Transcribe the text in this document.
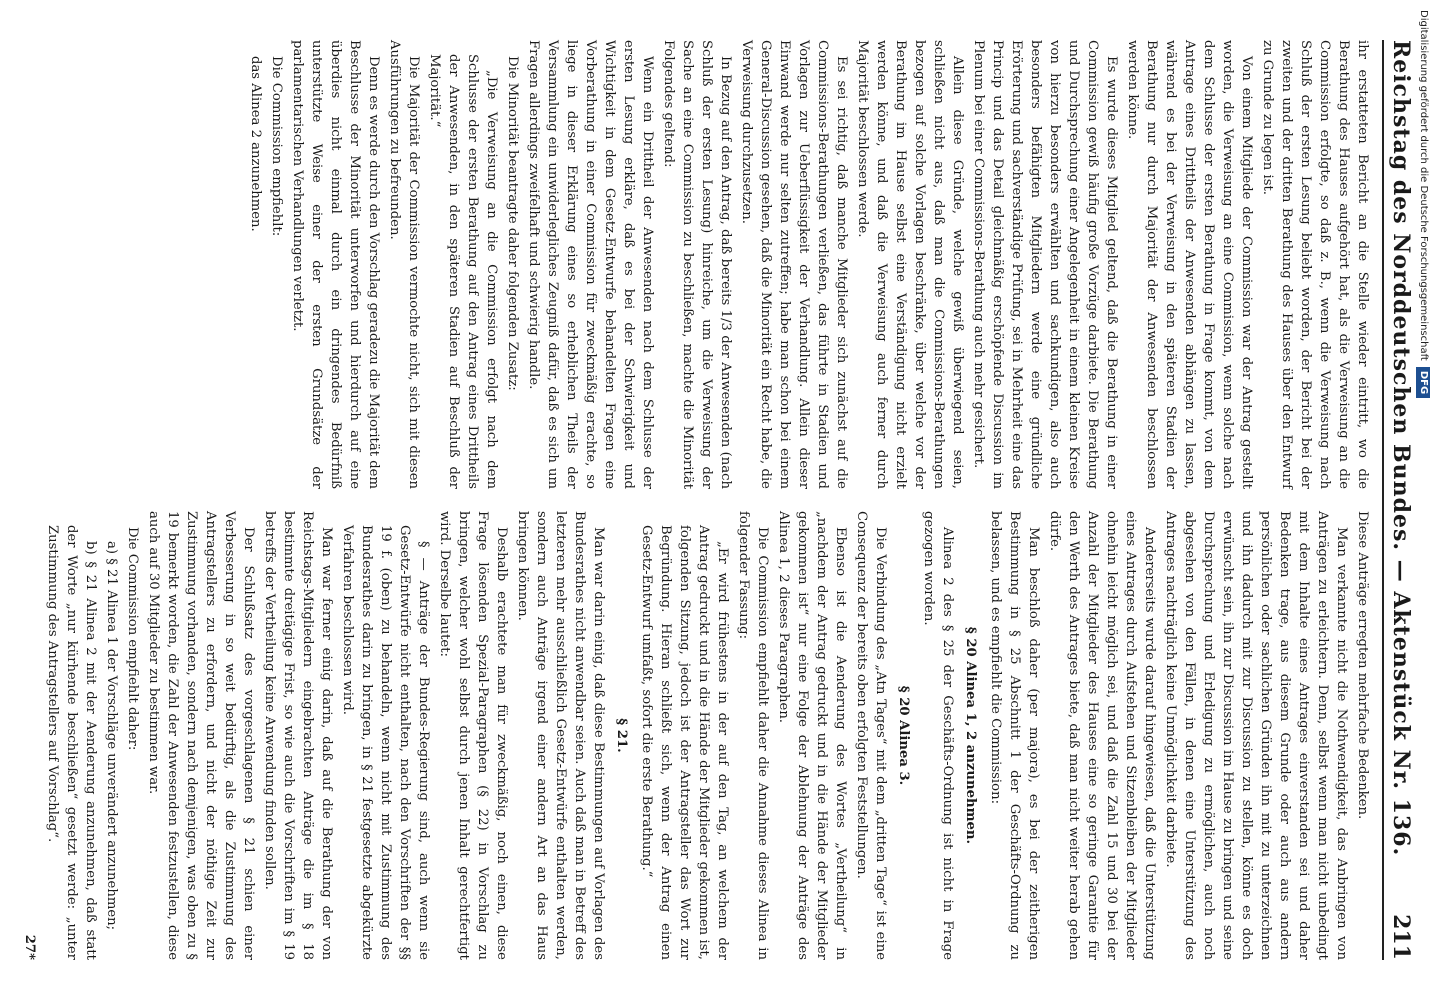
Reichstag des Norddeutschen Bundes. — Aktenstück Nr. 136.
211

ihr erstatteten Bericht an die Stelle wieder eintritt, wo die Berathung des Hauses aufgehört hat, als die Verweisung an die Commission erfolgte, so daß z. B., wenn die Verweisung nach Schluß der ersten Lesung beliebt worden, der Bericht bei der zweiten und der dritten Berathung des Hauses über den Entwurf zu Grunde zu legen ist.

Von einem Mitgliede der Commission war der Antrag gestellt worden, die Verweisung an eine Commission, wenn solche nach dem Schlusse der ersten Berathung in Frage kommt, von dem Antrage eines Drittheils der Anwesenden abhängen zu lassen, während es bei der Verweisung in den späteren Stadien der Berathung nur durch Majorität der Anwesenden beschlossen werden könne.

Es wurde dieses Mitglied geltend, daß die Berathung in einer Commission gewiß häufig große Vorzüge darbiete. Die Berathung und Durchsprechung einer Angelegenheit in einem kleinen Kreise von hierzu besonders erwählten und sachkundigen, also auch besonders befähigten Mitgliedern werde eine gründliche Erörterung und sachverständige Prüfung, sei in Mehrheit eine das Princip und das Detail gleichmäßig erschöpfende Discussion im Plenum bei einer Commissions-Berathung auch mehr gesichert.

Allein diese Gründe, welche gewiß überwiegend seien, schließen nicht aus, daß man die Commissions-Berathungen bezogen auf solche Vorlagen beschränke, über welche vor der Berathung im Hause selbst eine Verständigung nicht erzielt werden könne, und daß die Verweisung auch ferner durch Majorität beschlossen werde.

Es sei richtig, daß manche Mitglieder sich zunächst auf die Commissions-Berathungen verließen, das führte in Stadien und Vorlagen zur Ueberflüssigkeit der Verhandlung. Allein dieser Einwand werde nur selten zutreffen; habe man schon bei einem General-Discussion gesehen, daß die Minorität ein Recht habe, die Verweisung durchzusetzen.

In Bezug auf den Antrag, daß bereits 1/3 der Anwesenden (nach Schluß der ersten Lesung) hinreiche, um die Verweisung der Sache an eine Commission zu beschließen, machte die Minorität Folgendes geltend:

Wenn ein Drittheil der Anwesenden nach dem Schlusse der ersten Lesung erkläre, daß es bei der Schwierigkeit und Wichtigkeit in dem Gesetz-Entwurfe behandelten Fragen eine Vorberathung in einer Commission für zweckmäßig erachte, so liege in dieser Erklärung eines so erheblichen Theils der Versammlung ein unwiderlegliches Zeugniß dafür, daß es sich um Fragen allerdings zweifelhaft und schwierig handle.

Die Minorität beantragte daher folgenden Zusatz:

„Die Verweisung an die Commission erfolgt nach dem Schlusse der ersten Berathung auf den Antrag eines Drittheils der Anwesenden, in den späteren Stadien auf Beschluß der Majorität.“

Die Majorität der Commission vermochte nicht, sich mit diesen Ausführungen zu befreunden.

Denn es werde durch den Vorschlag geradezu die Majorität dem Beschlusse der Minorität unterworfen und hierdurch auf eine überdies nicht einmal durch ein dringendes Bedürfniß unterstützte Weise einer der ersten Grundsätze der parlamentarischen Verhandlungen verletzt.

Die Commission empfiehlt:

das Alinea 2 anzunehmen.

Diese Anträge erregten mehrfache Bedenken.

Man verkannte nicht die Nothwendigkeit, das Anbringen von Anträgen zu erleichtern. Denn, selbst wenn man nicht unbedingt mit dem Inhalte eines Antrages einverstanden sei und daher Bedenken trage, aus diesem Grunde oder auch aus andern persönlichen oder sachlichen Gründen ihn mit zu unterzeichnen und ihn dadurch mit zur Discussion zu stellen, könne es doch erwünscht sein, ihn zur Discussion im Hause zu bringen und seine Durchsprechung und Erledigung zu ermöglichen, auch noch abgesehen von den Fällen, in denen eine Unterstützung des Antrages nachträglich keine Unmöglichkeit darbiete.

Andererseits wurde darauf hingewiesen, daß die Unterstützung eines Antrages durch Aufstehen und Sitzenbleiben der Mitglieder ohnehin leicht möglich sei, und daß die Zahl 15 und 30 bei der Anzahl der Mitglieder des Hauses eine so geringe Garantie für den Werth des Antrages biete, daß man nicht weiter herab gehen dürfe.

Man beschloß daher (per majora), es bei der zeitherigen Bestimmung in § 25 Abschnitt 1 der Geschäfts-Ordnung zu belassen, und es empfiehlt die Commission:

§ 20 Alinea 1, 2 anzunehmen.

Alinea 2 des § 25 der Geschäfts-Ordnung ist nicht in Frage gezogen worden.

§ 20 Alinea 3.

Die Verbindung des „Atn Tages“ mit dem „dritten Tage“ ist eine Consequenz der bereits oben erfolgten Feststellungen.

Ebenso ist die Aenderung des Wortes „Vertheilung“ in „nachdem der Antrag gedruckt und in die Hände der Mitglieder gekommen ist“ nur eine Folge der Ablehnung der Anträge des Alinea 1, 2 dieses Paragraphen.

Die Commission empfiehlt daher die Annahme dieses Alinea in folgender Fassung:

„Er wird frühestens in der auf den Tag, an welchem der Antrag gedruckt und in die Hände der Mitglieder gekommen ist, folgenden Sitzung, jedoch ist der Antragsteller das Wort zur Begründung. Hieran schließt sich, wenn der Antrag einen Gesetz-Entwurf umfaßt, sofort die erste Berathung.“

§ 21.

Man war darin einig, daß diese Bestimmungen auf Vorlagen des Bundesrathes nicht anwendbar seien. Auch daß man in Betreff des letzteren mehr ausschließlich Gesetz-Entwürfe enthalten werden, sondern auch Anträge irgend einer andern Art an das Haus bringen können.

Deshalb erachtete man für zweckmäßig, noch einen, diese Frage lösenden Spezial-Paragraphen (§ 22) in Vorschlag zu bringen, welcher wohl selbst durch jenen Inhalt gerechtfertigt wird. Derselbe lautet:

§ — Anträge der Bundes-Regierung sind, auch wenn sie Gesetz-Entwürfe nicht enthalten, nach den Vorschriften der §§ 19 f. (oben) zu behandeln, wenn nicht mit Zustimmung des Bundesrathes darin zu bringen, in § 21 festgesetzte abgekürzte Verfahren beschlossen wird.

Man war ferner einig darin, daß auf die Berathung der von Reichstags-Mitgliedern eingebrachten Anträge die im § 18 bestimmte dreitägige Frist, so wie auch die Vorschriften im § 19 betreffs der Vertheilung keine Anwendung finden sollen.

Der Schlußsatz des vorgeschlagenen § 21 schien einer Verbesserung in so weit bedürftig, als die Zustimmung des Antragstellers zu erfordern, und nicht der nöthige Zeit zur Zustimmung vorhanden, sondern nach demjenigen, was oben zu § 19 bemerkt worden, die Zahl der Anwesenden festzustellen, diese auch auf 30 Mitglieder zu bestimmen war.

Die Commission empfiehlt daher:

a) § 21 Alinea 1 der Vorschläge unverändert anzunehmen;

b) § 21 Alinea 2 mit der Aenderung anzunehmen, daß statt der Worte „nur kürhende beschließen“ gesetzt werde: „unter Zustimmung des Antragstellers auf Vorschlag“.

27*
Digitalisierung gefördert durch die Deutsche ForschungsgemeinschaftDFG
